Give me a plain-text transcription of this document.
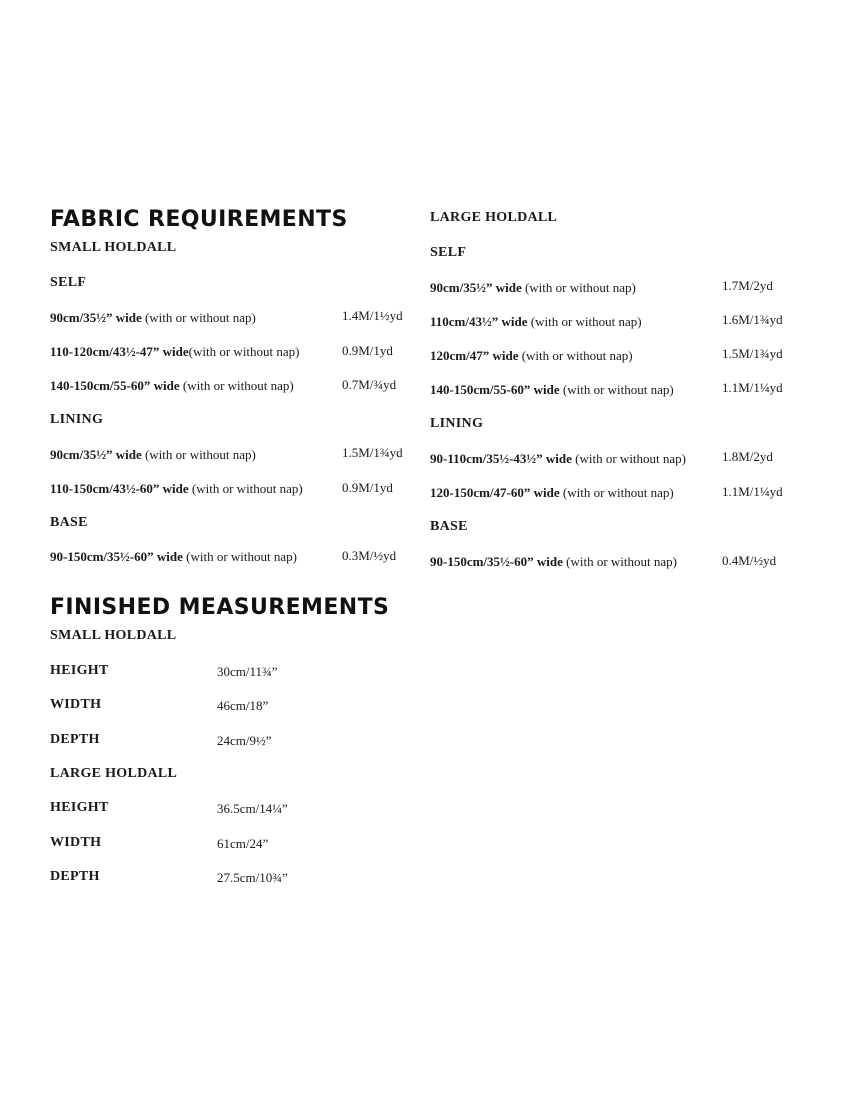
FABRIC REQUIREMENTS
SMALL HOLDALL
SELF
90cm/35½” wide (with or without nap)	1.4M/1½yd
110-120cm/43½-47” wide(with or without nap)	0.9M/1yd
140-150cm/55-60” wide (with or without nap)	0.7M/¾yd
LINING
90cm/35½” wide (with or without nap)	1.5M/1¾yd
110-150cm/43½-60” wide (with or without nap)	0.9M/1yd
BASE
90-150cm/35½-60” wide (with or without nap)	0.3M/½yd
LARGE HOLDALL
SELF
90cm/35½” wide (with or without nap)	1.7M/2yd
110cm/43½” wide (with or without nap)	1.6M/1¾yd
120cm/47” wide (with or without nap)	1.5M/1¾yd
140-150cm/55-60” wide (with or without nap)	1.1M/1¼yd
LINING
90-110cm/35½-43½” wide (with or without nap)	1.8M/2yd
120-150cm/47-60” wide (with or without nap)	1.1M/1¼yd
BASE
90-150cm/35½-60” wide (with or without nap)	0.4M/½yd
FINISHED MEASUREMENTS
SMALL HOLDALL
HEIGHT	30cm/11¾”
WIDTH	46cm/18”
DEPTH	24cm/9½”
LARGE HOLDALL
HEIGHT	36.5cm/14¼”
WIDTH	61cm/24”
DEPTH	27.5cm/10¾”
